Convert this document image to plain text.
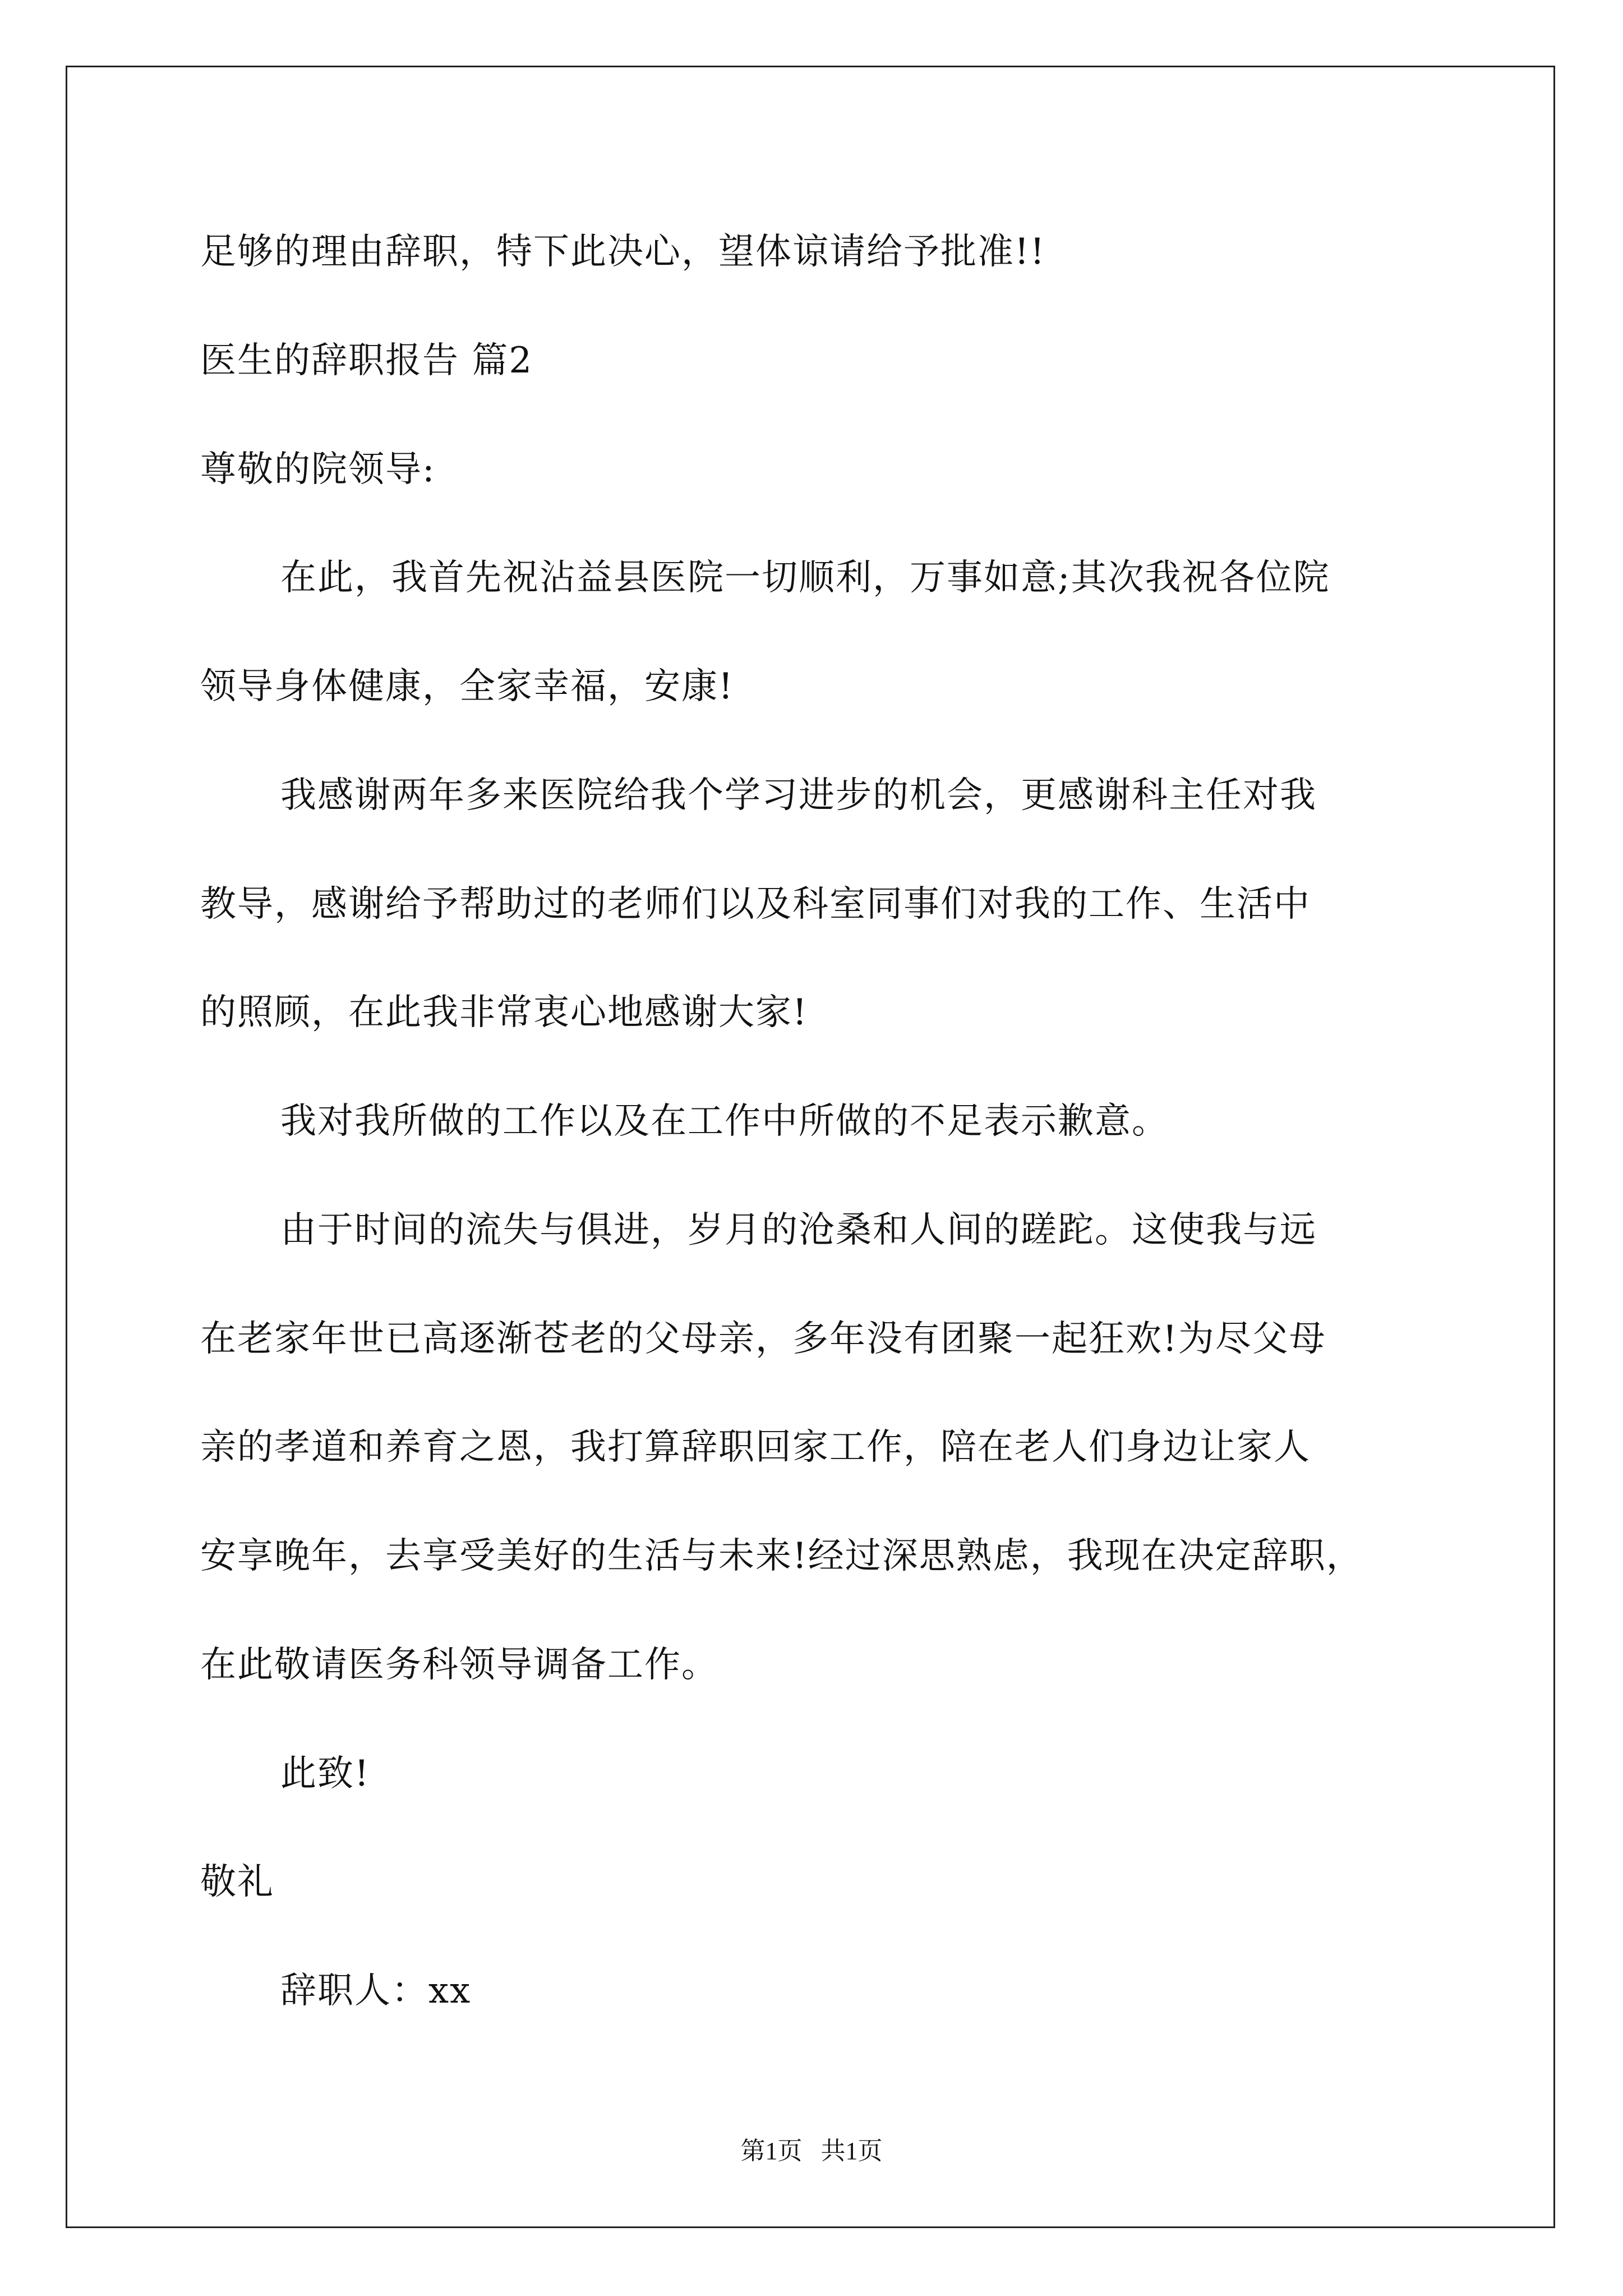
足够的理由辞职，特下此决心，望体谅请给予批准!!
医生的辞职报告 篇2
尊敬的院领导:
在此，我首先祝沾益县医院一切顺利，万事如意;其次我祝各位院
领导身体健康，全家幸福，安康!
我感谢两年多来医院给我个学习进步的机会，更感谢科主任对我
教导，感谢给予帮助过的老师们以及科室同事们对我的工作、生活中
的照顾，在此我非常衷心地感谢大家!
我对我所做的工作以及在工作中所做的不足表示歉意。
由于时间的流失与俱进，岁月的沧桑和人间的蹉跎。这使我与远
在老家年世已高逐渐苍老的父母亲，多年没有团聚一起狂欢!为尽父母
亲的孝道和养育之恩，我打算辞职回家工作，陪在老人们身边让家人
安享晚年，去享受美好的生活与未来!经过深思熟虑，我现在决定辞职，
在此敬请医务科领导调备工作。
此致!
敬礼
辞职人：xx
第1页   共1页
